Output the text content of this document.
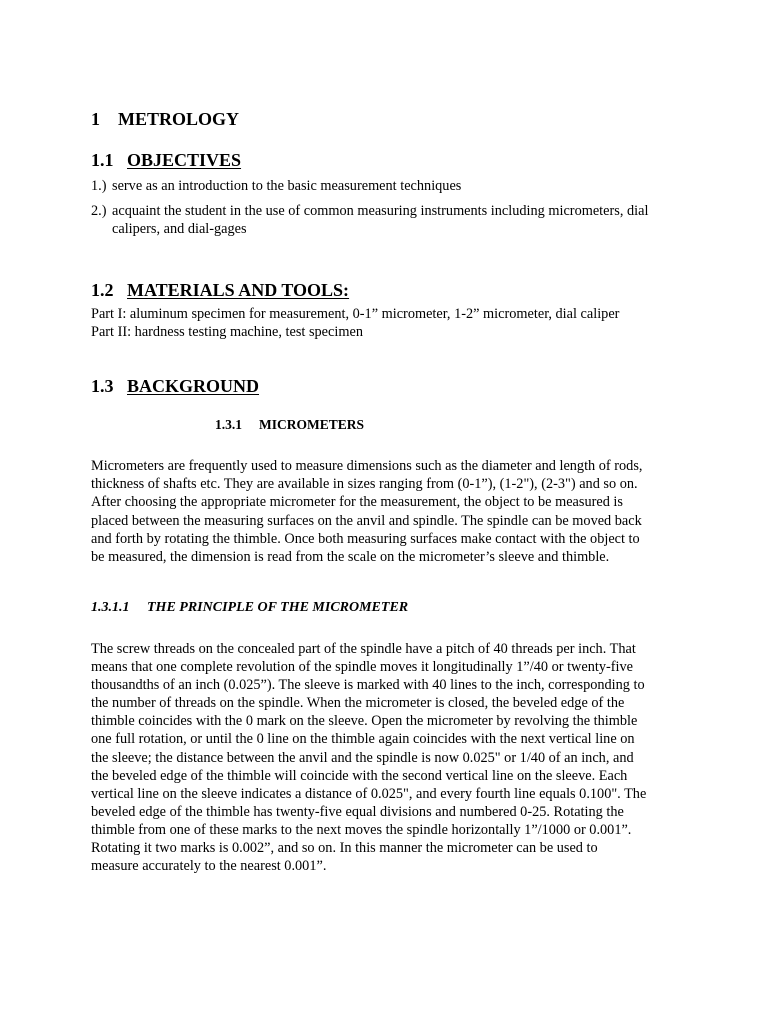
1 METROLOGY
1.1 OBJECTIVES
1.) serve as an introduction to the basic measurement techniques
2.) acquaint the student in the use of common measuring instruments including micrometers, dial
calipers, and dial-gages
1.2 MATERIALS AND TOOLS:
Part I: aluminum specimen for measurement, 0-1” micrometer, 1-2” micrometer, dial caliper
Part II: hardness testing machine, test specimen
1.3 BACKGROUND
1.3.1 MICROMETERS
Micrometers are frequently used to measure dimensions such as the diameter and length of rods,
thickness of shafts etc. They are available in sizes ranging from (0-1”), (1-2"), (2-3") and so on.
After choosing the appropriate micrometer for the measurement, the object to be measured is
placed between the measuring surfaces on the anvil and spindle. The spindle can be moved back
and forth by rotating the thimble. Once both measuring surfaces make contact with the object to
be measured, the dimension is read from the scale on the micrometer’s sleeve and thimble.
1.3.1.1 THE PRINCIPLE OF THE MICROMETER
The screw threads on the concealed part of the spindle have a pitch of 40 threads per inch. That
means that one complete revolution of the spindle moves it longitudinally 1”/40 or twenty-five
thousandths of an inch (0.025”). The sleeve is marked with 40 lines to the inch, corresponding to
the number of threads on the spindle. When the micrometer is closed, the beveled edge of the
thimble coincides with the 0 mark on the sleeve. Open the micrometer by revolving the thimble
one full rotation, or until the 0 line on the thimble again coincides with the next vertical line on
the sleeve; the distance between the anvil and the spindle is now 0.025" or 1/40 of an inch, and
the beveled edge of the thimble will coincide with the second vertical line on the sleeve. Each
vertical line on the sleeve indicates a distance of 0.025", and every fourth line equals 0.100". The
beveled edge of the thimble has twenty-five equal divisions and numbered 0-25. Rotating the
thimble from one of these marks to the next moves the spindle horizontally 1”/1000 or 0.001”.
Rotating it two marks is 0.002”, and so on. In this manner the micrometer can be used to
measure accurately to the nearest 0.001”.
